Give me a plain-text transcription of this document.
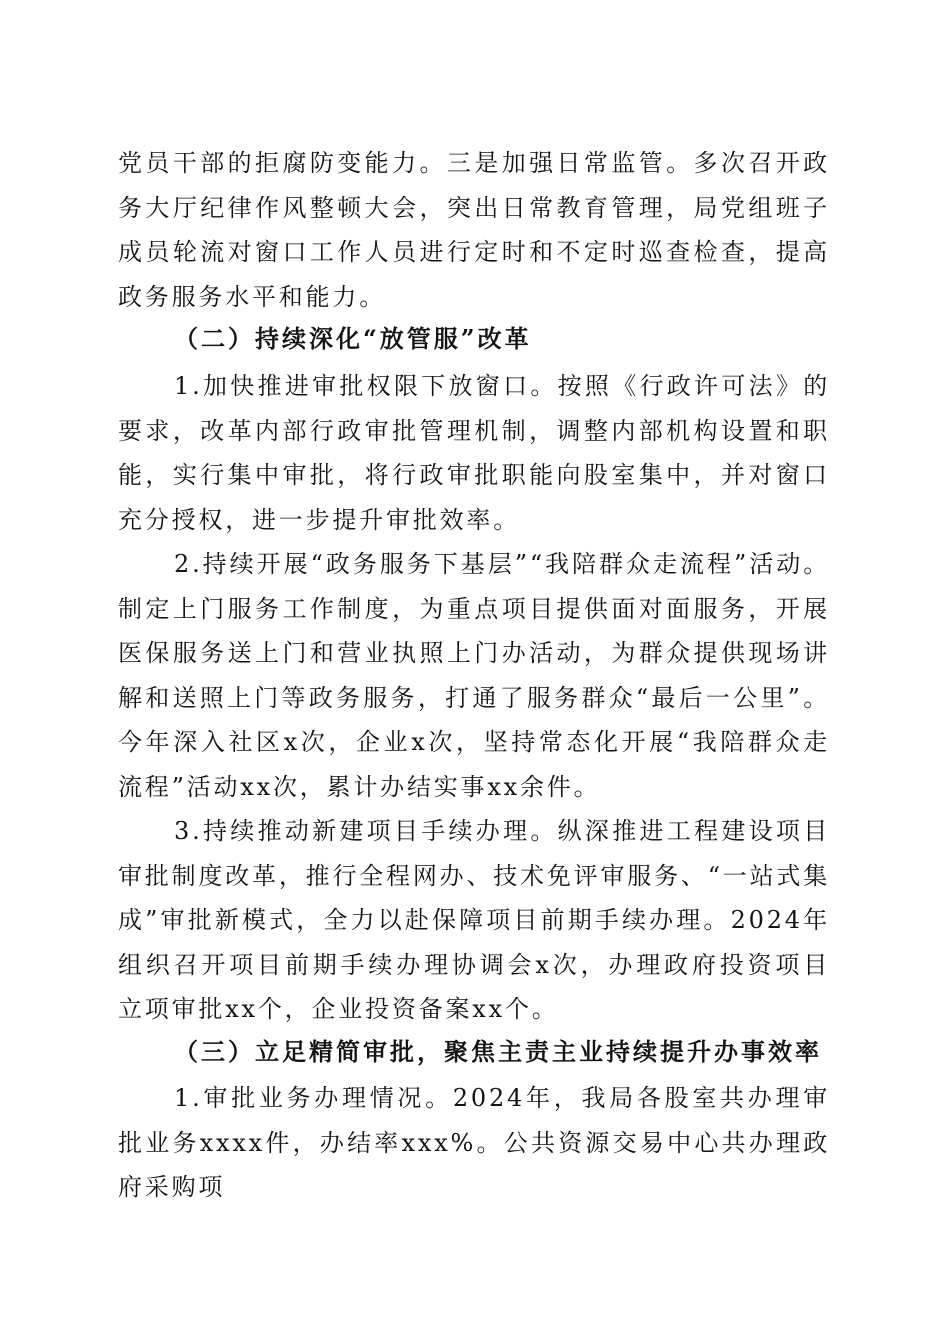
党员干部的拒腐防变能力。三是加强日常监管。多次召开政务大厅纪律作风整顿大会，突出日常教育管理，局党组班子成员轮流对窗口工作人员进行定时和不定时巡查检查，提高政务服务水平和能力。

（二）持续深化“放管服”改革

1.加快推进审批权限下放窗口。按照《行政许可法》的要求，改革内部行政审批管理机制，调整内部机构设置和职能，实行集中审批，将行政审批职能向股室集中，并对窗口充分授权，进一步提升审批效率。

2.持续开展“政务服务下基层”“我陪群众走流程”活动。制定上门服务工作制度，为重点项目提供面对面服务，开展医保服务送上门和营业执照上门办活动，为群众提供现场讲解和送照上门等政务服务，打通了服务群众“最后一公里”。今年深入社区x次，企业x次，坚持常态化开展“我陪群众走流程”活动xx次，累计办结实事xx余件。

3.持续推动新建项目手续办理。纵深推进工程建设项目审批制度改革，推行全程网办、技术免评审服务、“一站式集成”审批新模式，全力以赴保障项目前期手续办理。2024年组织召开项目前期手续办理协调会x次，办理政府投资项目立项审批xx个，企业投资备案xx个。

（三）立足精简审批，聚焦主责主业持续提升办事效率

1.审批业务办理情况。2024年，我局各股室共办理审批业务xxxx件，办结率xxx%。公共资源交易中心共办理政府采购项
